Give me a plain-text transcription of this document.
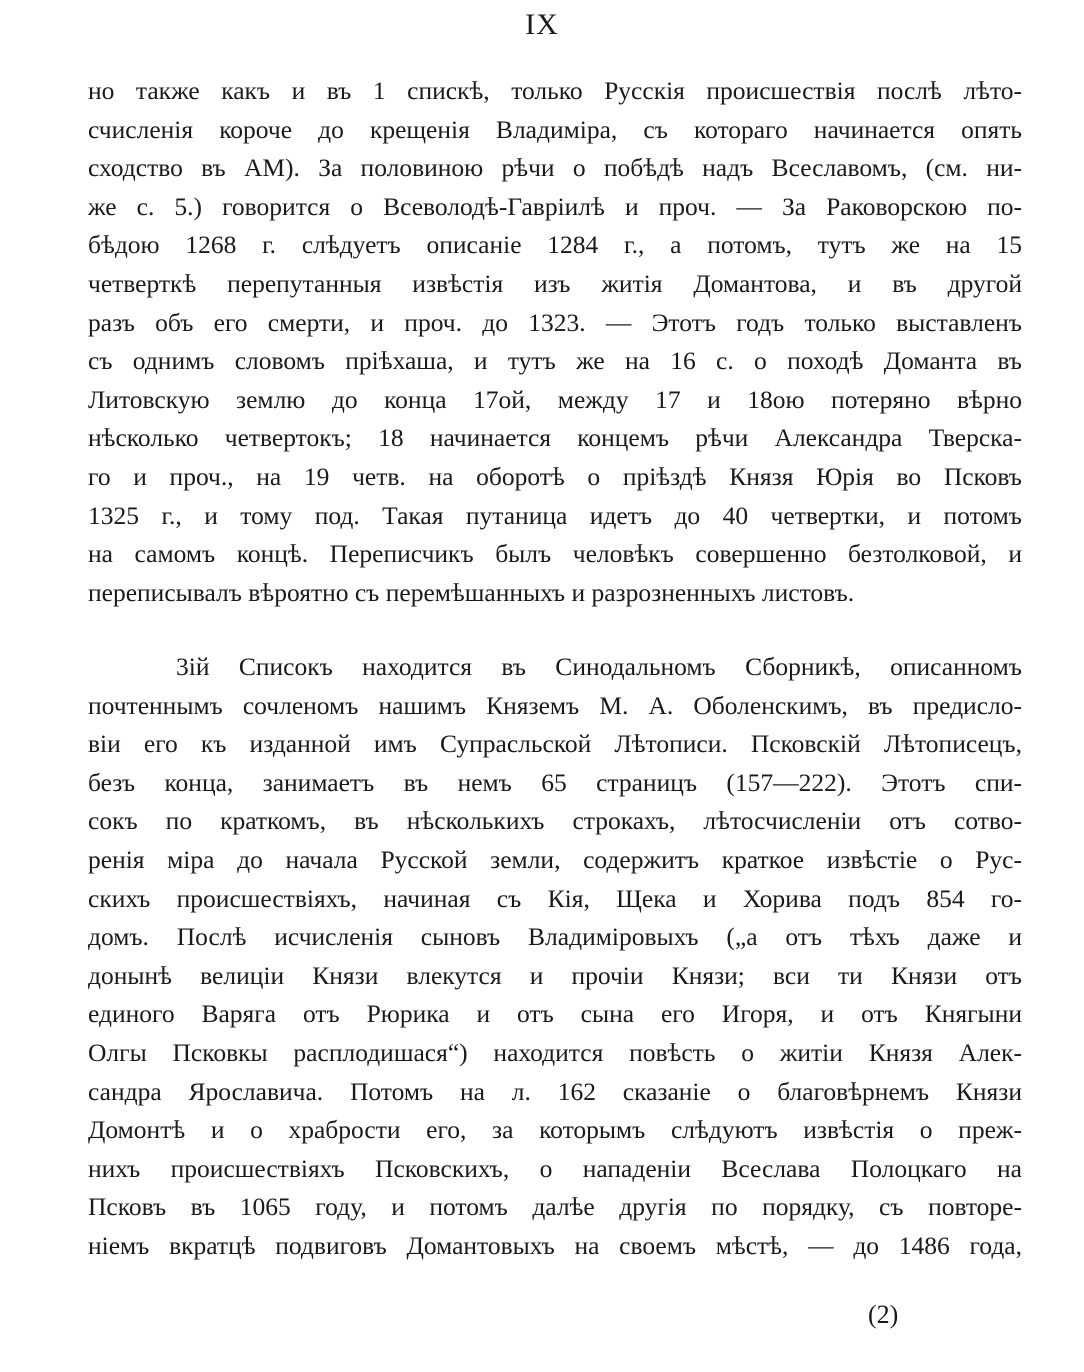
IX
но также какъ и въ 1 спискѣ, только Русскія происшествія послѣ лѣто-
счисленія короче до крещенія Владиміра, съ котораго начинается опять
сходство въ АМ). За половиною рѣчи о побѣдѣ надъ Всеславомъ, (см. ни-
же с. 5.) говорится о Всеволодѣ-Гавріилѣ и проч. — За Раковорскою по-
бѣдою 1268 г. слѣдуетъ описаніе 1284 г., а потомъ, тутъ же на 15
четверткѣ перепутанныя извѣстія изъ житія Домантова, и въ другой
разъ объ его смерти, и проч. до 1323. — Этотъ годъ только выставленъ
съ однимъ словомъ пріѣхаша, и тутъ же на 16 с. о походѣ Доманта въ
Литовскую землю до конца 17ой, между 17 и 18ою потеряно вѣрно
нѣсколько четвертокъ; 18 начинается концемъ рѣчи Александра Тверска-
го и проч., на 19 четв. на оборотѣ о пріѣздѣ Князя Юрія во Псковъ
1325 г., и тому под. Такая путаница идетъ до 40 четвертки, и потомъ
на самомъ концѣ. Переписчикъ былъ человѣкъ совершенно безтолковой, и
переписывалъ вѣроятно съ перемѣшанныхъ и разрозненныхъ листовъ.
3ій Списокъ находится въ Синодальномъ Сборникѣ, описанномъ
почтеннымъ сочленомъ нашимъ Княземъ М. А. Оболенскимъ, въ предисло-
віи его къ изданной имъ Супрасльской Лѣтописи. Псковскій Лѣтописецъ,
безъ конца, занимаетъ въ немъ 65 страницъ (157—222). Этотъ спи-
сокъ по краткомъ, въ нѣсколькихъ строкахъ, лѣтосчисленіи отъ сотво-
ренія міра до начала Русской земли, содержитъ краткое извѣстіе о Рус-
скихъ происшествіяхъ, начиная съ Кія, Щека и Хорива подъ 854 го-
домъ. Послѣ исчисленія сыновъ Владиміровыхъ („а отъ тѣхъ даже и
донынѣ велиціи Князи влекутся и прочіи Князи; вси ти Князи отъ
единого Варяга отъ Рюрика и отъ сына его Игоря, и отъ Княгыни
Олгы Псковкы расплодишася“) находится повѣсть о житіи Князя Алек-
сандра Ярославича. Потомъ на л. 162 сказаніе о благовѣрнемъ Князи
Домонтѣ и о храбрости его, за которымъ слѣдуютъ извѣстія о преж-
нихъ происшествіяхъ Псковскихъ, о нападеніи Всеслава Полоцкаго на
Псковъ въ 1065 году, и потомъ далѣе другія по порядку, съ повторе-
ніемъ вкратцѣ подвиговъ Домантовыхъ на своемъ мѣстѣ, — до 1486 года,
(2)
